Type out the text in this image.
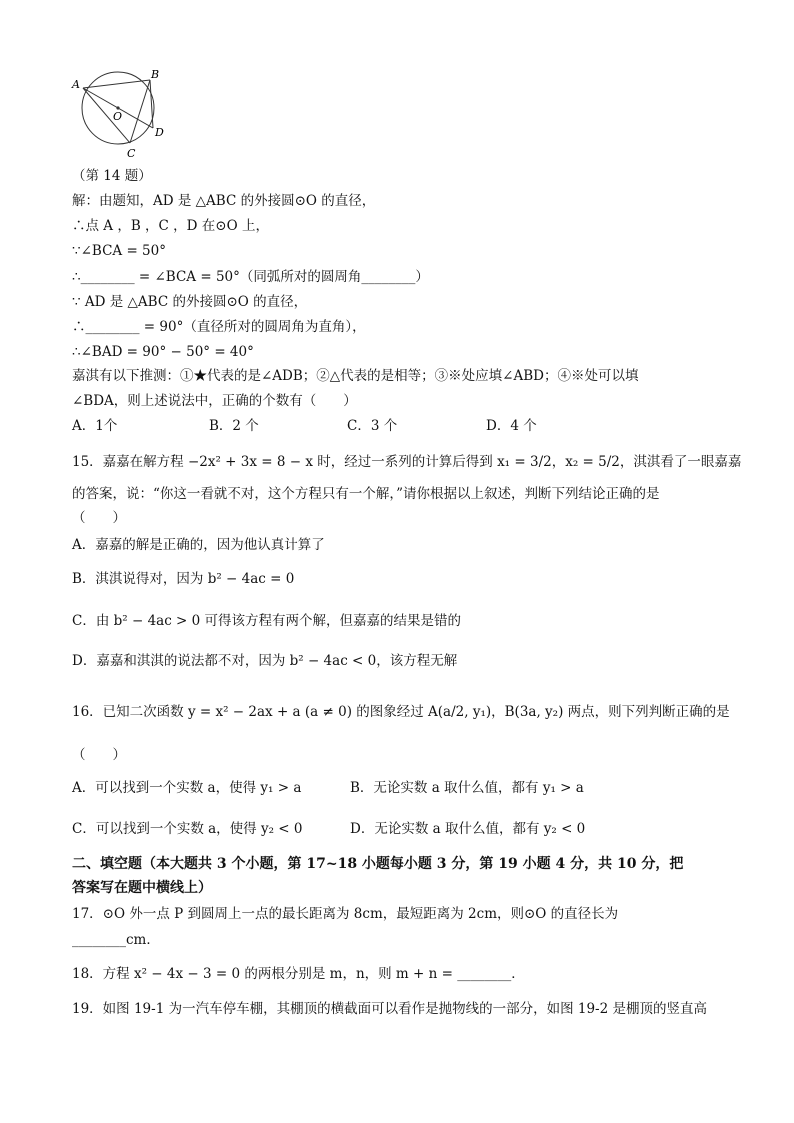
A
B
O
D
C
（第 14 题）
解：由题知，AD 是 △ABC 的外接圆⊙O 的直径，
∴点 A ，B ，C ，D 在⊙O 上，
∵∠BCA = 50°
∴________ = ∠BCA = 50°（同弧所对的圆周角________）
∵ AD 是 △ABC 的外接圆⊙O 的直径，
∴________ = 90°（直径所对的圆周角为直角），
∴∠BAD = 90° − 50° = 40°
嘉淇有以下推测：①★代表的是∠ADB；②△代表的是相等；③※处应填∠ABD；④※处可以填
∠BDA，则上述说法中，正确的个数有（　　）
A．1个	B．2 个	C．3 个	D．4 个
15．嘉嘉在解方程 −2x² + 3x = 8 − x 时，经过一系列的计算后得到 x₁ = 3/2，x₂ = 5/2，淇淇看了一眼嘉嘉
的答案，说：“你这一看就不对，这个方程只有一个解，”请你根据以上叙述，判断下列结论正确的是
（　　）
A．嘉嘉的解是正确的，因为他认真计算了
B．淇淇说得对，因为 b² − 4ac = 0
C．由 b² − 4ac > 0 可得该方程有两个解，但嘉嘉的结果是错的
D．嘉嘉和淇淇的说法都不对，因为 b² − 4ac < 0，该方程无解
16．已知二次函数 y = x² − 2ax + a (a ≠ 0) 的图象经过 A(a/2, y₁)，B(3a, y₂) 两点，则下列判断正确的是
（　　）
A．可以找到一个实数 a，使得 y₁ > a	B．无论实数 a 取什么值，都有 y₁ > a
C．可以找到一个实数 a，使得 y₂ < 0	D．无论实数 a 取什么值，都有 y₂ < 0
二、填空题（本大题共 3 个小题，第 17~18 小题每小题 3 分，第 19 小题 4 分，共 10 分，把
答案写在题中横线上）
17．⊙O 外一点 P 到圆周上一点的最长距离为 8cm，最短距离为 2cm，则⊙O 的直径长为
________cm．
18．方程 x² − 4x − 3 = 0 的两根分别是 m，n，则 m + n = ________．
19．如图 19-1 为一汽车停车棚，其棚顶的横截面可以看作是抛物线的一部分，如图 19-2 是棚顶的竖直高
